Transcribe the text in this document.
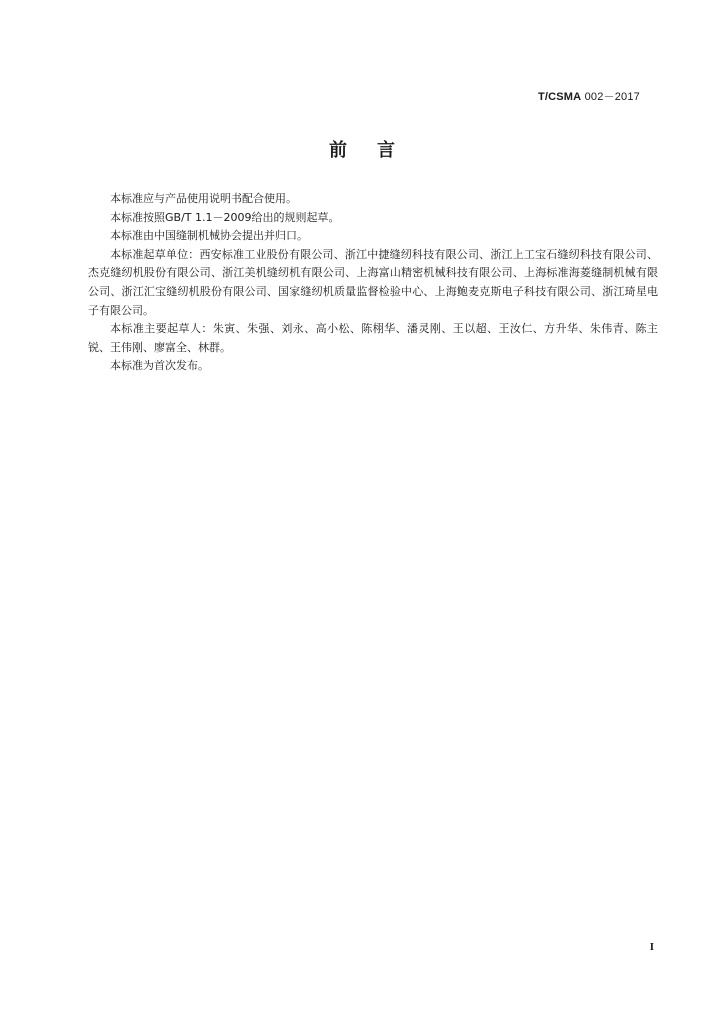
T/CSMA 002－2017
前言

本标准应与产品使用说明书配合使用。

本标准按照GB/T 1.1－2009给出的规则起草。

本标准由中国缝制机械协会提出并归口。

本标准起草单位：西安标准工业股份有限公司、浙江中捷缝纫科技有限公司、浙江上工宝石缝纫科技有限公司、杰克缝纫机股份有限公司、浙江美机缝纫机有限公司、上海富山精密机械科技有限公司、上海标准海菱缝制机械有限公司、浙江汇宝缝纫机股份有限公司、国家缝纫机质量监督检验中心、上海鲍麦克斯电子科技有限公司、浙江琦星电子有限公司。

本标准主要起草人：朱寅、朱强、刘永、高小松、陈栩华、潘灵刚、王以超、王汝仁、方升华、朱伟青、陈主锐、王伟刚、廖富全、林群。

本标准为首次发布。

I
